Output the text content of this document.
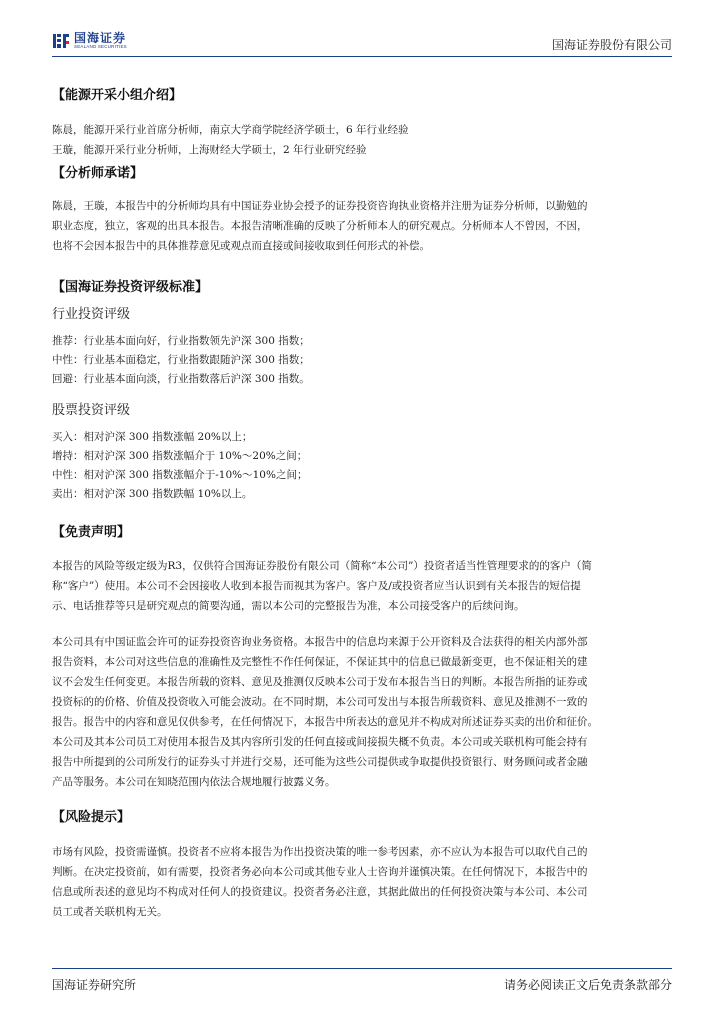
国海证券
SEALAND SECURITIES	国海证券股份有限公司
【能源开采小组介绍】
陈晨，能源开采行业首席分析师，南京大学商学院经济学硕士，6 年行业经验
王璇，能源开采行业分析师，上海财经大学硕士，2 年行业研究经验
【分析师承诺】
陈晨，王璇，本报告中的分析师均具有中国证券业协会授予的证券投资咨询执业资格并注册为证券分析师，以勤勉的
职业态度，独立，客观的出具本报告。本报告清晰准确的反映了分析师本人的研究观点。分析师本人不曾因，不因，
也将不会因本报告中的具体推荐意见或观点而直接或间接收取到任何形式的补偿。
【国海证券投资评级标准】
行业投资评级
推荐：行业基本面向好，行业指数领先沪深 300 指数；
中性：行业基本面稳定，行业指数跟随沪深 300 指数；
回避：行业基本面向淡，行业指数落后沪深 300 指数。
股票投资评级
买入：相对沪深 300 指数涨幅 20%以上；
增持：相对沪深 300 指数涨幅介于 10%～20%之间；
中性：相对沪深 300 指数涨幅介于-10%～10%之间；
卖出：相对沪深 300 指数跌幅 10%以上。
【免责声明】
本报告的风险等级定级为R3，仅供符合国海证券股份有限公司（简称“本公司”）投资者适当性管理要求的的客户（简
称“客户”）使用。本公司不会因接收人收到本报告而视其为客户。客户及/或投资者应当认识到有关本报告的短信提
示、电话推荐等只是研究观点的简要沟通，需以本公司的完整报告为准，本公司接受客户的后续问询。
本公司具有中国证监会许可的证券投资咨询业务资格。本报告中的信息均来源于公开资料及合法获得的相关内部外部
报告资料，本公司对这些信息的准确性及完整性不作任何保证，不保证其中的信息已做最新变更，也不保证相关的建
议不会发生任何变更。本报告所载的资料、意见及推测仅反映本公司于发布本报告当日的判断。本报告所指的证券或
投资标的的价格、价值及投资收入可能会波动。在不同时期，本公司可发出与本报告所载资料、意见及推测不一致的
报告。报告中的内容和意见仅供参考，在任何情况下，本报告中所表达的意见并不构成对所述证券买卖的出价和征价。
本公司及其本公司员工对使用本报告及其内容所引发的任何直接或间接损失概不负责。本公司或关联机构可能会持有
报告中所提到的公司所发行的证券头寸并进行交易，还可能为这些公司提供或争取提供投资银行、财务顾问或者金融
产品等服务。本公司在知晓范围内依法合规地履行披露义务。
【风险提示】
市场有风险，投资需谨慎。投资者不应将本报告为作出投资决策的唯一参考因素，亦不应认为本报告可以取代自己的
判断。在决定投资前，如有需要，投资者务必向本公司或其他专业人士咨询并谨慎决策。在任何情况下，本报告中的
信息或所表述的意见均不构成对任何人的投资建议。投资者务必注意，其据此做出的任何投资决策与本公司、本公司
员工或者关联机构无关。
国海证券研究所	请务必阅读正文后免责条款部分
